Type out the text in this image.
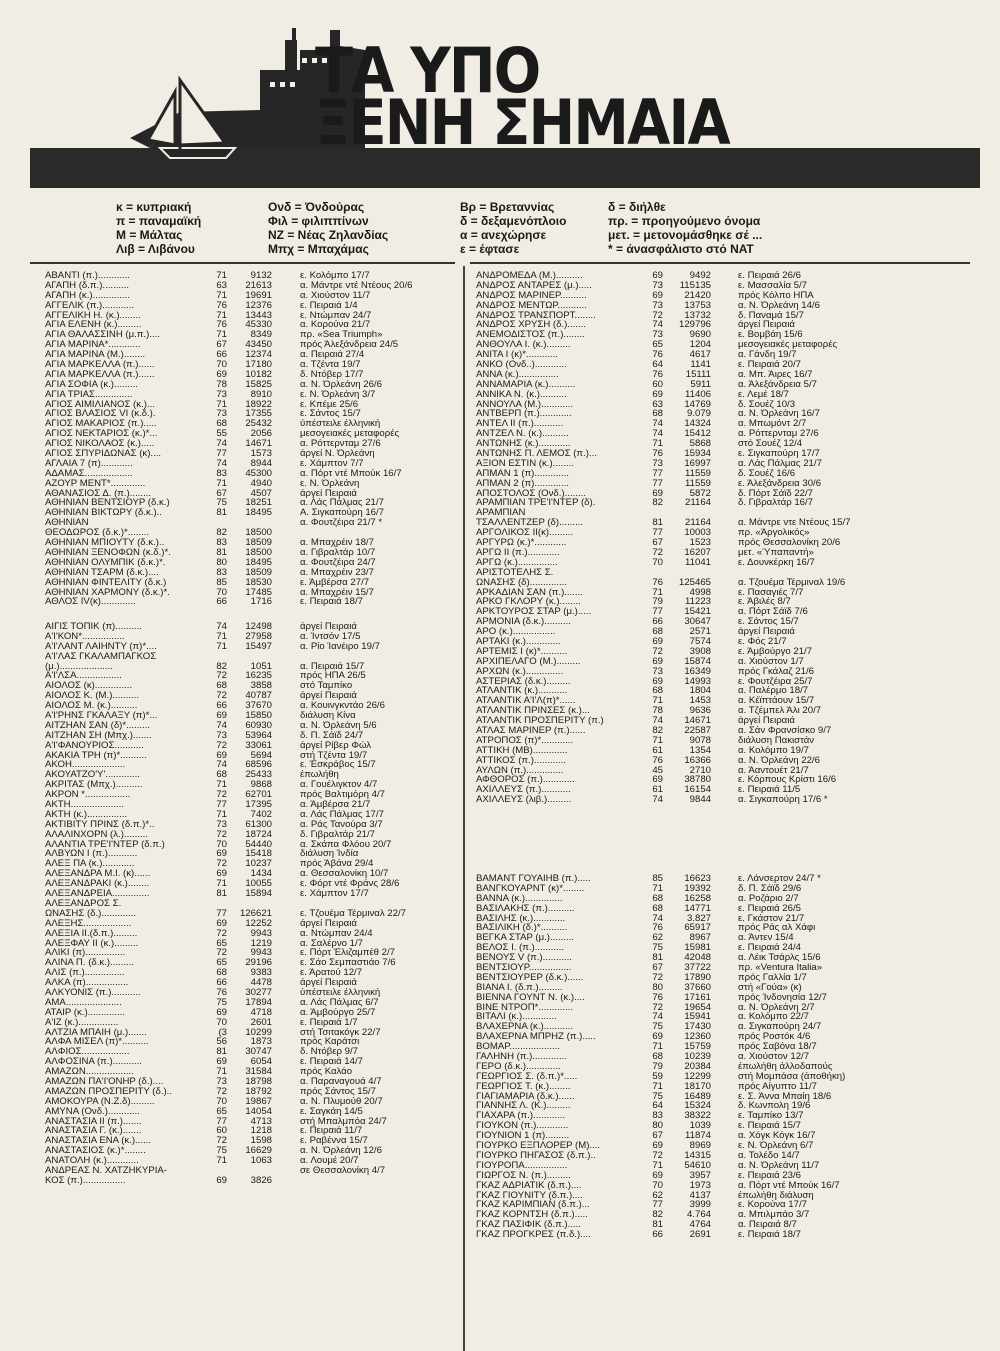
ΤΑ ΥΠΟ
ΞΕΝΗ ΣΗΜΑΙΑ
κ = κυπριακή
π = παναμαϊκή
Μ = Μάλτας
Λιβ = Λιβάνου
Ονδ = Όνδούρας
Φιλ = φιλιππίνων
ΝΖ = Νέας Ζηλανδίας
Μπχ = Μπαχάμας
Βρ = Βρεταννίας
δ = δεξαμενόπλοιο
α = ανεχώρησε
ε = έφτασε
δ = διήλθε
πρ. = προηγούμενο όνομα
μετ. = μετονομάσθηκε σέ ...
* = άνασφάλιστο στό ΝΑΤ
ΑΒΑΝΤΙ (π.)............	71	9132	ε. Κολόμπο 17/7
ΑΓΑΠΗ (δ.π.)..........	63	21613	α. Μάντρε ντέ Ντέους 20/6
ΑΓΑΠΗ (κ.)..............	71	19691	α. Χιούστον 11/7
ΑΓΓΕΛΙΚ (π.)............	76	12376	ε. Πειραιά 1/4
ΑΓΓΕΛΙΚΗ Η. (κ.)........	71	13443	ε. Ντώμπαν 24/7
ΑΓΙΑ ΕΛΕΝΗ (κ.).........	76	45330	α. Κορούνα 21/7
ΑΓΙΑ ΘΑΛΑΣΣΙΝΗ (μ.π.)....	71	8349	πρ. «Sea Triumph»
ΑΓΙΑ ΜΑΡΙΝΑ*............	67	43450	πρός Άλεξάνδρεια 24/5
ΑΓΙΑ ΜΑΡΙΝΑ (Μ.)........	66	12374	α. Πειραιά 27/4
ΑΓΙΑ ΜΑΡΚΕΛΛΑ (π.)......	70	17180	α. Τζέντα 19/7
ΑΓΙΑ ΜΑΡΚΕΛΛΑ (π.)......	69	10182	δ. Ντόβερ 17/7
ΑΓΙΑ ΣΟΦΙΑ (κ.).........	78	15825	α. Ν. Όρλεάνη 26/6
ΑΓΙΑ ΤΡΙΑΣ..............	73	8910	ε. Ν. Όρλεάνη 3/7
ΑΓΙΟΣ ΑΙΜΙΛΙΑΝΟΣ (κ.)...	71	18922	ε. Κπέμε 25/6
ΑΓΙΟΣ ΒΛΑΣΙΟΣ VI (κ.δ.).	73	17355	ε. Σάντος 15/7
ΑΓΙΟΣ ΜΑΚΑΡΙΟΣ (π.).....	68	25432	ύπέστειλε έλληνική
ΑΓΙΟΣ ΝΕΚΤΑΡΙΟΣ (κ.)*...	55	2056	μεσογειακές μεταφορές
ΑΓΙΟΣ ΝΙΚΟΛΑΟΣ (κ.).....	74	14671	α. Ρόττερνταμ 27/6
ΑΓΙΟΣ ΣΠΥΡΙΔΩΝΑΣ (κ)....	77	1573	άργεί Ν. Όρλεάνη
ΑΓΛΑΪΑ 7 (π)............	74	8944	ε. Χάμπτον 7/7
ΑΔΑΜΑΣ..................	83	45300	α. Πόρτ ντέ Μπούκ 16/7
ΑΖΟΥΡ ΜΕΝΤ*.............	71	4940	ε. Ν. Όρλεάνη
ΑΘΑΝΑΣΙΟΣ Δ. (π.)........	67	4507	άργεί Πειραιά
ΑΘΗΝΙΑΝ ΒΕΝΤΣΙΟΥΡ (δ.κ.)	75	18251	α. Λάς Πάλμας 21/7
ΑΘΗΝΙΑΝ ΒΙΚΤΩΡΥ (δ.κ.)..	81	18495	Α. Σιγκαπούρη 16/7
ΑΘΗΝΙΑΝ	α. Φουτζέιρα 21/7 *
ΘΕΟΔΩΡΟΣ (δ.κ.)*........	82	18500
ΑΘΗΝΙΑΝ ΜΠΙΟΥΤΥ (δ.κ.)..	83	18509	α. Μπαχρέιν 18/7
ΑΘΗΝΙΑΝ ΞΕΝΟΦΩΝ (κ.δ.)*.	81	18500	α. Γιβραλτάρ 10/7
ΑΘΗΝΙΑΝ ΟΛΥΜΠΙΚ (δ.κ.)*.	80	18495	α. Φουτζέιρα 24/7
ΑΘΗΝΙΑΝ ΤΣΑΡΜ (δ.κ.)....	83	18509	α. Μπαχρέιν 23/7
ΑΘΗΝΙΑΝ ΦΙΝΤΕΛΙΤΥ (δ.κ.)	85	18530	ε. Άμβέρσα 27/7
ΑΘΗΝΙΑΝ ΧΑΡΜΟΝΥ (δ.κ.)*.	70	17485	α. Μπαχρέιν 15/7
ΑΘΛΟΣ IV(κ).............	66	1716	ε. Πειραιά 18/7
ΑΙΓΙΣ ΤΟΠΙΚ (π)..........	74	12498	άργεί Πειραιά
Α'Ι'ΚΟΝ*................	71	27958	α. Ίντσόν 17/5
Α'Ι'ΛΑΝΤ ΛΑΙΗΝΤΥ (π)*....	71	15497	α. Ρίο Ίανέιρο 19/7
Α'Ι'ΛΑΣ ΓΚΑΛΑΜΠΑΓΚΟΣ
(μ.)....................	82	1051	α. Πειραιά 15/7
Α'Ι'ΛΣΑ.................	72	16235	πρός ΗΠΑ 26/5
ΑΙΟΛΟΣ (κ)..............	68	3858	στό Ταμπίκο
ΑΙΟΛΟΣ Κ. (Μ.)..........	72	40787	άργεί Πειραιά
ΑΙΟΛΟΣ Μ. (κ.)..........	66	37670	α. Κουινγκντάο 26/6
Α'Ι'ΡΗΝΣ ΓΚΑΛΑΞΥ (π)*...	69	15850	διάλυση Κίνα
ΑΙΤΖΗΑΝ ΣΑΝ (δ)*.........	74	60930	α. Ν. Όρλεάνη 5/6
ΑΙΤΖΗΑΝ ΣΗ (Μπχ.).......	73	53964	δ. Π. Σάϊδ 24/7
Α'Ι'ΦΑΝΟΥΡΙΟΣ...........	72	33061	άργεί Ρίβερ Φώλ
ΑΚΑΚΙΑ ΤΡΗ (π)*..........	69	5694	στή Τζέντα 19/7
ΑΚΟΗ....................	74	68596	ε. Έσκράβος 15/7
ΑΚΟΥΑΤΖΟ'Υ'.............	68	25433	έπωλήθη
ΑΚΡΙΤΑΣ (Μπχ.)..........	71	9868	α. Γουέλιγκτον 4/7
ΑΚΡΟΝ *.................	72	62701	πρός Βαλτιμόρη 4/7
ΑΚΤΗ....................	77	17395	α. Άμβέρσα 21/7
ΑΚΤΗ (κ.)...............	71	7402	α. Λάς Πάλμας 17/7
ΑΚΤΙΒΙΤΥ ΠΡΙΝΣ (δ.π.)*..	73	61300	α. Ράς Τανούρα 3/7
ΑΛΑΛΙΝΧΟΡΝ (λ.).........	72	18724	δ. Γιβραλτάρ 21/7
ΑΛΑΝΤΙΑ ΤΡΕ'Ι'ΝΤΕΡ (δ.π.)	70	54440	α. Σκάπα Φλόου 20/7
ΑΛΒΥΩΝ Ι (π.)...........	69	15418	διάλυση Ίνδία
ΑΛΕΞ ΠΑ (κ.)............	72	10237	πρός Άβάνα 29/4
ΑΛΕΞΑΝΔΡΑ Μ.Ι. (κ)......	69	1434	α. Θεσσαλονίκη 10/7
ΑΛΕΞΑΝΔΡΑΚΙ (κ.)........	71	10055	ε. Φόρτ ντέ Φράνς 28/6
ΑΛΕΞΑΝΔΡΕΙΑ..............	81	15894	ε. Χάμπτον 17/7
ΑΛΕΞΑΝΔΡΟΣ Σ.
ΩΝΑΣΗΣ (δ.).............	77	126621	ε. Τζουέμα Τέρμιναλ 22/7
ΑΛΕΞΗΣ..................	69	12252	άργεί Πειραιά
ΑΛΕΞΙΑ ΙΙ.(δ.π.).........	72	9943	α. Ντώμπαν 24/4
ΑΛΕΞΦΑΥ ΙΙ (κ.).........	65	1219	α. Σαλέρνο 1/7
ΑΛΙΚΙ (π)...............	72	9943	ε. Πόρτ Έλιζαμπέθ 2/7
ΑΛΙΝΑ Π. (δ.κ.).........	65	29196	ε. Σάο Σεμπαστιάο 7/6
ΑΛΙΣ (π.)...............	68	9383	ε. Άρατού 12/7
ΑΛΚΑ (π)................	66	4478	άργεί Πειραιά
ΑΛΚΥΟΝΙΣ (π.)...........	76	30277	ύπέστειλε έλληνική
ΑΜΑ.....................	75	17894	α. Λάς Πάλμας 6/7
ΑΤΑΙΡ (κ.)..............	69	4718	α. Άμβούργο 25/7
Α'ΙΖ (κ.)...............	70	2601	ε. Πειραιά 1/7
ΑΛΤΖΙΑ ΜΠΑΙΗ (μ.).......	(3	10299	στή Τσιτακόγκ 22/7
ΑΛΦΑ ΜΙΣΕΛ (π)*..........	56	1873	πρός Καράτσι
ΑΛΦΙΟΣ..................	81	30747	δ. Ντόβερ 9/7
ΑΛΦΟΣΙΝΑ (π.)...........	69	6054	ε. Πειραιά 14/7
ΑΜΑΖΩΝ..................	71	31584	πρός Καλάο
ΑΜΑΖΩΝ ΠΑ'Ι'ΟΝΗΡ (δ.)....	73	18798	α. Παραναγουά 4/7
ΑΜΑΖΩΝ ΠΡΟΣΠΕΡΙΤΥ (δ.)..	72	18792	πρός Σάντος 15/7
ΑΜΟΚΟΥΡΑ (Ν.Ζ.δ).........	70	19867	α. Ν. Πλυμούθ 20/7
ΑΜΥΝΑ (Ονδ.)............	65	14054	ε. Σαγκάη 14/5
ΑΝΑΣΤΑΣΙΑ ΙΙ (π.).......	77	4713	στή Μπαλμπόα 24/7
ΑΝΑΣΤΑΣΙΑ Γ. (κ.).......	60	1218	ε. Πειραιά 11/7
ΑΝΑΣΤΑΣΙΑ ΕΝΑ (κ.)......	72	1598	ε. Ραβέννα 15/7
ΑΝΑΣΤΑΣΙΟΣ (κ.)*........	75	16629	α. Ν. Όρλεάνη 12/6
ΑΝΑΤΟΛΗ (κ.)............	71	1063	α. Λουμέ 20/7
ΑΝΔΡΕΑΣ Ν. ΧΑΤΖΗΚΥΡΙΑ-	σε Θεσσαλονίκη 4/7
ΚΟΣ (π.)................	69	3826
ΑΝΔΡΟΜΕΔΑ (Μ.)..........	69	9492	ε. Πειραιά 26/6
ΑΝΔΡΟΣ ΑΝΤΑΡΕΣ (μ.).....	73	115135	ε. Μασσαλία 5/7
ΑΝΔΡΟΣ ΜΑΡΙΝΕΡ..........	69	21420	πρός Κόλπο ΗΠΑ
ΑΝΔΡΟΣ ΜΕΝΤΩΡ...........	73	13753	α. Ν. Όρλεάνη 14/6
ΑΝΔΡΟΣ ΤΡΑΝΣΠΟΡΤ........	72	13732	δ. Παναμά 15/7
ΑΝΔΡΟΣ ΧΡΥΣΗ (δ.).......	74	129796	άργεί Πειραιά
ΑΝΕΜΟΔΙΣΤΟΣ (π.)........	73	9690	ε. Βομβάη 15/6
ΑΝΘΟΥΛΑ Ι. (κ.).........	65	1204	μεσογειακές μεταφορές
ΑΝΙΤΑ Ι (κ)*............	76	4617	α. Γάνδη 19/7
ΑΝΚΟ (Ονδ..)............	64	1141	ε. Πειραιά 20/7
ΑΝΝΑ (κ.)...............	76	15111	α. Μπ. Άιρες 16/7
ΑΝΝΑΜΑΡΙΑ (κ.)..........	60	5911	α. Άλεξάνδρεια 5/7
ΑΝΝΙΚΑ Ν. (κ.)..........	69	11406	ε. Λεμέ 18/7
ΑΝΝΟΥΛΑ (Μ.)............	63	14769	δ. Σουέζ 10/3
ΑΝΤΒΕΡΠ (π.)............	68	9.079	α. Ν. Όρλεάνη 16/7
ΑΝΤΕΛ ΙΙ (π.)...........	74	14324	α. Μπωμόντ 2/7
ΑΝΤΖΕΛ Ν. (κ.)..........	74	15412	α. Ρόττερνταμ 27/6
ΑΝΤΩΝΗΣ (κ.)............	71	5868	στό Σουέζ 12/4
ΑΝΤΩΝΗΣ Π. ΛΕΜΟΣ (π.)...	76	15934	ε. Σιγκαπούρη 17/7
ΑΞΙΟΝ ΕΣΤΙΝ (κ.)........	73	16997	α. Λάς Πάλμας 21/7
ΑΠΜΑΝ 1 (π).............	77	11559	δ. Σουέζ 16/6
ΑΠΜΑΝ 2 (π).............	77	11559	ε. Άλεξάνδρεια 30/6
ΑΠΟΣΤΟΛΟΣ (Ονδ.)........	69	5872	δ. Πόρτ Σάϊδ 22/7
ΑΡΑΜΠΙΑΝ ΤΡΕ'Ι'ΝΤΕΡ (δ).	82	21164	δ. Γιβραλτάρ 16/7
ΑΡΑΜΠΙΑΝ
ΤΣΑΛΛΕΝΤΖΕΡ (δ).........	81	21164	α. Μάντρε ντε Ντέους 15/7
ΑΡΓΟΛΙΚΟΣ ΙΙ(κ).........	77	10003	πρ. «Άργολικός»
ΑΡΓΥΡΩ (κ.)*............	67	1523	πρός Θεσσαλονίκη 20/6
ΑΡΓΩ ΙΙ (π.)............	72	16207	μετ. «Ύπαπαντή»
ΑΡΓΩ (κ.)...............	70	11041	ε. Δουνκέρκη 16/7
ΑΡΙΣΤΟΤΕΛΗΣ Σ.
ΩΝΑΣΗΣ (δ)..............	76	125465	α. Τζουέμα Τέρμιναλ 19/6
ΑΡΚΑΔΙΑΝ ΣΑΝ (π.).......	71	4998	ε. Πασαγιές 7/7
ΑΡΚΟ ΓΚΛΟΡΥ (κ.)........	79	11223	ε. Άβιλές 8/7
ΑΡΚΤΟΥΡΟΣ ΣΤΑΡ (μ.).....	77	15421	α. Πόρτ Σάϊδ 7/6
ΑΡΜΟΝΙΑ (δ.κ.)..........	66	30647	ε. Σάντος 15/7
ΑΡΟ (κ.)................	68	2571	άργεί Πειραιά
ΑΡΤΑΚΙ (κ.).............	69	7574	ε. Φός 21/7
ΑΡΤΕΜΙΣ Ι (κ)*..........	72	3908	ε. Άμβούργο 21/7
ΑΡΧΙΠΕΛΑΓΟ (Μ.).........	69	15874	α. Χιούστον 1/7
ΑΡΧΩΝ (κ.)..............	73	16349	πρός Γκάλαζ 21/6
ΑΣΤΕΡΙΑΣ (δ.κ.).........	69	14993	ε. Φουτζέιρα 25/7
ΑΤΛΑΝΤΙΚ (κ.)...........	68	1804	α. Παλέρμο 18/7
ΑΤΛΑΝΤΙΚ Α'Ι'Λ(π)*......	71	1453	α. Κέϊπτάουν 15/7
ΑΤΛΑΝΤΙΚ ΠΡΙΝΣΕΣ (κ.)...	78	9636	α. Τζέμπελ Άλι 20/7
ΑΤΛΑΝΤΙΚ ΠΡΟΣΠΕΡΙΤΥ (π.)	74	14671	άργεί Πειραιά
ΑΤΛΑΣ ΜΑΡΙΝΕΡ (π.)......	82	22587	α. Σάν Φρανσίσκο 9/7
ΑΤΡΟΠΟΣ (π)*............	71	9078	διάλυση Πακιστάν
ΑΤΤΙΚΗ (ΜΒ).............	61	1354	α. Κολόμπο 19/7
ΑΤΤΙΚΟΣ (π.)............	76	16366	α. Ν. Όρλεάνη 22/6
ΑΥΛΩΝ (π.)..............	45	2710	α. Άαντουέτ 21/7
ΑΦΘΟΡΟΣ (π.)............	69	38780	ε. Κόρπους Κρίστι 16/6
ΑΧΙΛΛΕΥΣ (π.)...........	61	16154	ε. Πειραιά 11/5
ΑΧΙΛΛΕΥΣ (λιβ.).........	74	9844	α. Σιγκαπούρη 17/6 *
ΒΑΜΑΝΤ ΓΟΥΑΙΗΒ (π.).....	85	16623	ε. Λάνσερτον 24/7 *
ΒΑΝΓΚΟΥΑΡΝΤ (κ)*........	71	19392	δ. Π. Σάϊδ 29/6
ΒΑΝΝΑ (κ.)..............	68	16258	α. Ροζάριο 2/7
ΒΑΣΙΛΑΚΗΣ (π.)..........	68	14771	ε. Πειραιά 26/5
ΒΑΣΙΛΗΣ (κ.)............	74	3.827	ε. Γκάστον 21/7
ΒΑΣΙΛΙΚΗ (δ.)*..........	76	65917	πρός Ράς αλ Χάφι
ΒΕΓΚΑ ΣΤΑΡ (μ.).........	62	8967	α. Άντεν 15/4
ΒΕΛΟΣ Ι. (π.)...........	75	15981	ε. Πειραιά 24/4
ΒΕΝΟΥΣ V (π.)...........	81	42048	α. Λέικ Τσάρλς 15/6
ΒΕΝΤΣΙΟΥΡ................	67	37722	πρ. «Ventura Italia»
ΒΕΝΤΣΙΟΥΡΕΡ (δ.κ.)......	72	17890	πρός Γαλλία 1/7
ΒΙΑΝΑ Ι. (δ.π.).........	80	37660	στή «Γούα» (κ)
ΒΙΕΝΝΑ ΓΟΥΝΤ Ν. (κ.)....	76	17161	πρός Ίνδονησία 12/7
ΒΙΝΕ ΝΤΡΟΠ*.............	72	19654	α. Ν. Όρλεάνη 2/7
ΒΙΤΑΛΙ (κ.).............	74	15941	α. Κολόμπο 22/7
ΒΛΑΧΕΡΝΑ (κ.)...........	75	17430	α. Σιγκαπούρη 24/7
ΒΛΑΧΕΡΝΑ ΜΠΡΗΖ (π.).....	69	12360	πρός Ροστόκ 4/6
ΒΟΜΑΡ...................	71	15759	πρός Σαβόνα 18/7
ΓΑΛΗΝΗ (π.).............	68	10239	α. Χιούστον 12/7
ΓΕΡΟ (δ.κ.).............	79	20384	έπωλήθη άλλοδαπούς
ΓΕΩΡΓΙΟΣ Σ. (δ.π.)*.....	59	12299	στή Μομπάσα (άποθήκη)
ΓΕΩΡΓΙΟΣ Τ. (κ.)........	71	18170	πρός Αίγυπτο 11/7
ΓΙΑΓΙΑΜΑΡΙΑ (δ.κ.)......	75	16489	ε. Σ. Άννα Μπαίη 18/6
ΓΙΑΝΝΗΣ Λ. (Κ.).........	64	15324	δ. Κωνπολη 19/6
ΓΙΑΧΑΡΑ (π.)............	83	38322	ε. Ταμπίκο 13/7
ΓΙΟΥΚΟΝ (π.)............	80	1039	ε. Πειραιά 15/7
ΓΙΟΥΝΙΟΝ 1 (π).........	67	11874	α. Χόγκ Κόγκ 16/7
ΓΙΟΥΡΚΟ ΕΞΠΛΟΡΕΡ (Μ)....	69	8969	ε. Ν. Όρλεάνη 6/7
ΓΙΟΥΡΚΟ ΠΗΓΑΣΟΣ (δ.π.)..	72	14315	α. Τολέδο 14/7
ΓΙΟΥΡΟΠΑ................	71	54610	α. Ν. Όρλεάνη 11/7
ΓΙΩΡΓΟΣ Ν. (π.).........	69	3957	ε. Πειραιά 23/6
ΓΚΑΖ ΑΔΡΙΑΤΙΚ (δ.π.)....	70	1973	α. Πόρτ ντέ Μπούκ 16/7
ΓΚΑΖ ΓΙΟΥΝΙΤΥ (δ.π.)....	62	4137	έπωλήθη διάλυση
ΓΚΑΖ ΚΑΡΙΜΠΙΑΝ (δ.π.)...	77	3999	ε. Κορούνα 17/7
ΓΚΑΖ ΚΟΡΝΤΣΗ (δ.π.).....	82	4.764	α. Μπιλμπάο 3/7
ΓΚΑΖ ΠΑΣΙΦΙΚ (δ.π.).....	81	4764	α. Πειραιά 8/7
ΓΚΑΖ ΠΡΟΓΚΡΕΣ (π.δ.)....	66	2691	ε. Πειραιά 18/7
